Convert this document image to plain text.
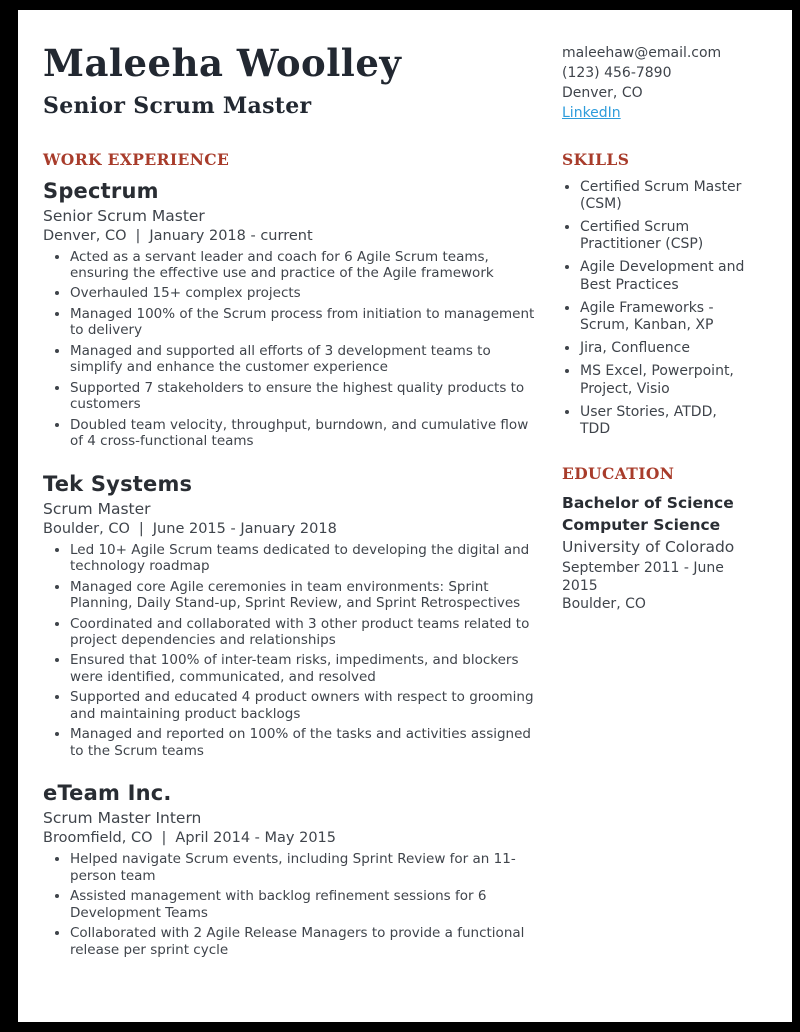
Maleeha Woolley
Senior Scrum Master
maleehaw@email.com
(123) 456-7890
Denver, CO
LinkedIn
WORK EXPERIENCE
Spectrum
Senior Scrum Master
Denver, CO | January 2018 - current
• Acted as a servant leader and coach for 6 Agile Scrum teams, ensuring the effective use and practice of the Agile framework
• Overhauled 15+ complex projects
• Managed 100% of the Scrum process from initiation to management to delivery
• Managed and supported all efforts of 3 development teams to simplify and enhance the customer experience
• Supported 7 stakeholders to ensure the highest quality products to customers
• Doubled team velocity, throughput, burndown, and cumulative flow of 4 cross-functional teams
Tek Systems
Scrum Master
Boulder, CO | June 2015 - January 2018
• Led 10+ Agile Scrum teams dedicated to developing the digital and technology roadmap
• Managed core Agile ceremonies in team environments: Sprint Planning, Daily Stand-up, Sprint Review, and Sprint Retrospectives
• Coordinated and collaborated with 3 other product teams related to project dependencies and relationships
• Ensured that 100% of inter-team risks, impediments, and blockers were identified, communicated, and resolved
• Supported and educated 4 product owners with respect to grooming and maintaining product backlogs
• Managed and reported on 100% of the tasks and activities assigned to the Scrum teams
eTeam Inc.
Scrum Master Intern
Broomfield, CO | April 2014 - May 2015
• Helped navigate Scrum events, including Sprint Review for an 11-person team
• Assisted management with backlog refinement sessions for 6 Development Teams
• Collaborated with 2 Agile Release Managers to provide a functional release per sprint cycle
SKILLS
• Certified Scrum Master (CSM)
• Certified Scrum Practitioner (CSP)
• Agile Development and Best Practices
• Agile Frameworks - Scrum, Kanban, XP
• Jira, Confluence
• MS Excel, Powerpoint, Project, Visio
• User Stories, ATDD, TDD
EDUCATION
Bachelor of Science
Computer Science
University of Colorado
September 2011 - June 2015
Boulder, CO
